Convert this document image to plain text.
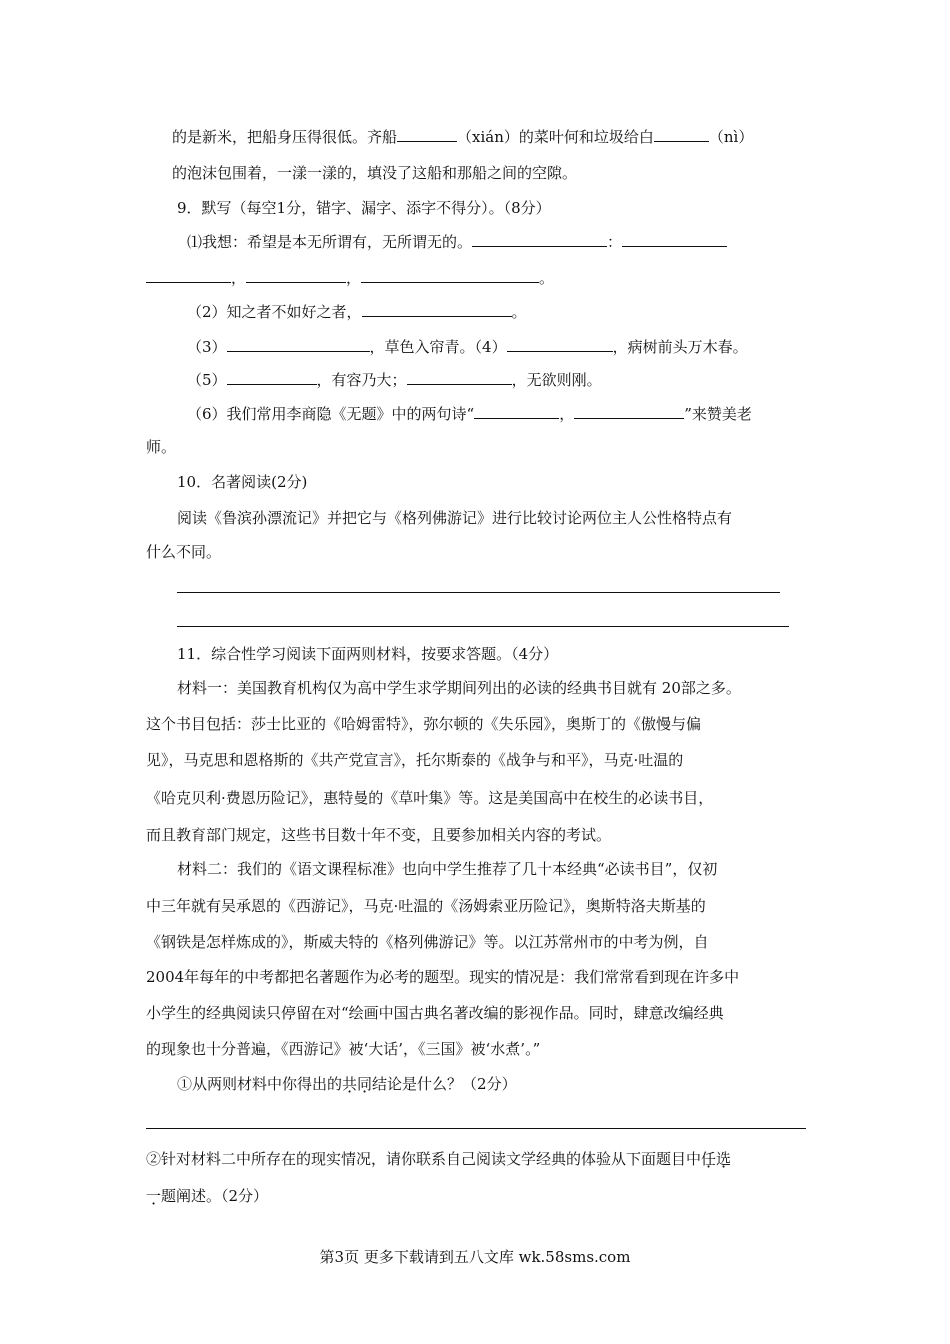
的是新米，把船身压得很低。齐船	（xián）的菜叶何和垃圾给白	（nì）
的泡沫包围着，一漾一漾的，填没了这船和那船之间的空隙。
9．默写（每空1分，错字、漏字、添字不得分）。（8分）
⑴我想：希望是本无所谓有，无所谓无的。	：
，	，	。
（2）知之者不如好之者，	。
（3）	，草色入帘青。（4）	，病树前头万木春。
（5）	，有容乃大；	，无欲则刚。
（6）我们常用李商隐《无题》中的两句诗“	，	”来赞美老
师。
10．名著阅读(2分)
阅读《鲁滨孙漂流记》并把它与《格列佛游记》进行比较讨论两位主人公性格特点有
什么不同。
11．综合性学习阅读下面两则材料，按要求答题。（4分）
材料一：美国教育机构仅为高中学生求学期间列出的必读的经典书目就有 20部之多。
这个书目包括：莎士比亚的《哈姆雷特》，弥尔顿的《失乐园》，奥斯丁的《傲慢与偏
见》，马克思和恩格斯的《共产党宣言》，托尔斯泰的《战争与和平》，马克·吐温的
《哈克贝利·费恩历险记》，惠特曼的《草叶集》等。这是美国高中在校生的必读书目，
而且教育部门规定，这些书目数十年不变，且要参加相关内容的考试。
材料二：我们的《语文课程标准》也向中学生推荐了几十本经典“必读书目”，仅初
中三年就有吴承恩的《西游记》，马克·吐温的《汤姆索亚历险记》，奥斯特洛夫斯基的
《钢铁是怎样炼成的》，斯威夫特的《格列佛游记》等。以江苏常州市的中考为例，自
2004年每年的中考都把名著题作为必考的题型。现实的情况是：我们常常看到现在许多中
小学生的经典阅读只停留在对“绘画中国古典名著改编的影视作品。同时，肆意改编经典
的现象也十分普遍，《西游记》被‘大话’，《三国》被‘水煮’。”
①从两则材料中你得出的共同结论是什么？（2分）
②针对材料二中所存在的现实情况，请你联系自己阅读文学经典的体验从下面题目中任选
一题阐述。（2分）
第3页 更多下载请到五八文库 wk.58sms.com
